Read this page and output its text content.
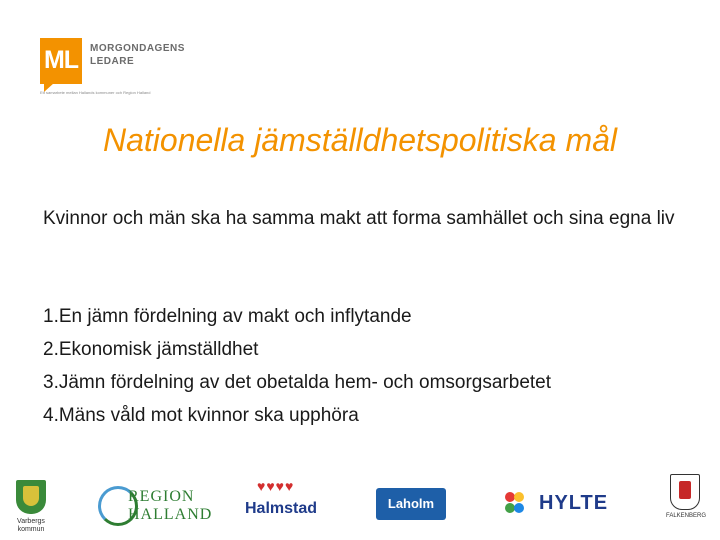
ML	MORGONDAGENS
LEDARE
Ett samarbete mellan Hallands kommuner och Region Halland
Nationella jämställdhetspolitiska mål
Kvinnor och män ska ha samma makt att forma samhället och sina egna liv
1.En jämn fördelning av makt och inflytande
2.Ekonomisk jämställdhet
3.Jämn fördelning av det obetalda hem- och omsorgsarbetet
4.Mäns våld mot kvinnor ska upphöra
Varbergs kommun
REGION
HALLAND
♥♥♥♥
Halmstad	Laholm	HYLTE
FALKENBERG
